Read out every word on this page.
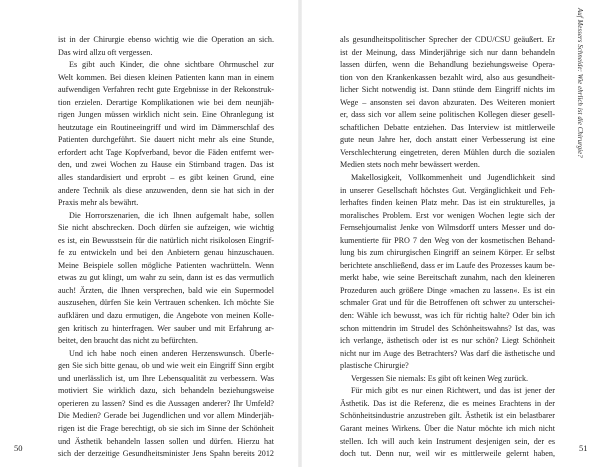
ist in der Chirurgie ebenso wichtig wie die Operation an sich.
Das wird allzu oft vergessen.
Es gibt auch Kinder, die ohne sichtbare Ohrmuschel zur
Welt kommen. Bei diesen kleinen Patienten kann man in einem
aufwendigen Verfahren recht gute Ergebnisse in der Rekonstruk-
tion erzielen. Derartige Komplikationen wie bei dem neunjäh-
rigen Jungen müssen wirklich nicht sein. Eine Ohranlegung ist
heutzutage ein Routineeingriff und wird im Dämmerschlaf des
Patienten durchgeführt. Sie dauert nicht mehr als eine Stunde,
erfordert acht Tage Kopfverband, bevor die Fäden entfernt wer-
den, und zwei Wochen zu Hause ein Stirnband tragen. Das ist
alles standardisiert und erprobt – es gibt keinen Grund, eine
andere Technik als diese anzuwenden, denn sie hat sich in der
Praxis mehr als bewährt.
Die Horrorszenarien, die ich Ihnen aufgemalt habe, sollen
Sie nicht abschrecken. Doch dürfen sie aufzeigen, wie wichtig
es ist, ein Bewusstsein für die natürlich nicht risikolosen Eingrif-
fe zu entwickeln und bei den Anbietern genau hinzuschauen.
Meine Beispiele sollen mögliche Patienten wachrütteln. Wenn
etwas zu gut klingt, um wahr zu sein, dann ist es das vermutlich
auch! Ärzten, die Ihnen versprechen, bald wie ein Supermodel
auszusehen, dürfen Sie kein Vertrauen schenken. Ich möchte Sie
aufklären und dazu ermutigen, die Angebote von meinen Kolle-
gen kritisch zu hinterfragen. Wer sauber und mit Erfahrung ar-
beitet, den braucht das nicht zu befürchten.
Und ich habe noch einen anderen Herzenswunsch. Überle-
gen Sie sich bitte genau, ob und wie weit ein Eingriff Sinn ergibt
und unerlässlich ist, um Ihre Lebensqualität zu verbessern. Was
motiviert Sie wirklich dazu, sich behandeln beziehungsweise
operieren zu lassen? Sind es die Aussagen anderer? Ihr Umfeld?
Die Medien? Gerade bei Jugendlichen und vor allem Minderjäh-
rigen ist die Frage berechtigt, ob sie sich im Sinne der Schönheit
und Ästhetik behandeln lassen sollen und dürfen. Hierzu hat
sich der derzeitige Gesundheitsminister Jens Spahn bereits 2012
als gesundheitspolitischer Sprecher der CDU/CSU geäußert. Er
ist der Meinung, dass Minderjährige sich nur dann behandeln
lassen dürfen, wenn die Behandlung beziehungsweise Opera-
tion von den Krankenkassen bezahlt wird, also aus gesundheit-
licher Sicht notwendig ist. Dann stünde dem Eingriff nichts im
Wege – ansonsten sei davon abzuraten. Des Weiteren moniert
er, dass sich vor allem seine politischen Kollegen dieser gesell-
schaftlichen Debatte entziehen. Das Interview ist mittlerweile
gute neun Jahre her, doch anstatt einer Verbesserung ist eine
Verschlechterung eingetreten, deren Mühlen durch die sozialen
Medien stets noch mehr bewässert werden.
Makellosigkeit, Vollkommenheit und Jugendlichkeit sind
in unserer Gesellschaft höchstes Gut. Vergänglichkeit und Feh-
lerhaftes finden keinen Platz mehr. Das ist ein strukturelles, ja
moralisches Problem. Erst vor wenigen Wochen legte sich der
Fernsehjournalist Jenke von Wilmsdorff unters Messer und do-
kumentierte für PRO 7 den Weg von der kosmetischen Behand-
lung bis zum chirurgischen Eingriff an seinem Körper. Er selbst
berichtete anschließend, dass er im Laufe des Prozesses kaum be-
merkt habe, wie seine Bereitschaft zunahm, nach den kleineren
Prozeduren auch größere Dinge »machen zu lassen«. Es ist ein
schmaler Grat und für die Betroffenen oft schwer zu unterschei-
den: Wähle ich bewusst, was ich für richtig halte? Oder bin ich
schon mittendrin im Strudel des Schönheitswahns? Ist das, was
ich verlange, ästhetisch oder ist es nur schön? Liegt Schönheit
nicht nur im Auge des Betrachters? Was darf die ästhetische und
plastische Chirurgie?
Vergessen Sie niemals: Es gibt oft keinen Weg zurück.
Für mich gibt es nur einen Richtwert, und das ist jener der
Ästhetik. Das ist die Referenz, die es meines Erachtens in der
Schönheitsindustrie anzustreben gilt. Ästhetik ist ein belastbarer
Garant meines Wirkens. Über die Natur möchte ich mich nicht
stellen. Ich will auch kein Instrument desjenigen sein, der es
doch tut. Denn nur, weil wir es mittlerweile gelernt haben,
50	51
Auf Messers Schneide: Wie ehrlich ist die Chirurgie?
